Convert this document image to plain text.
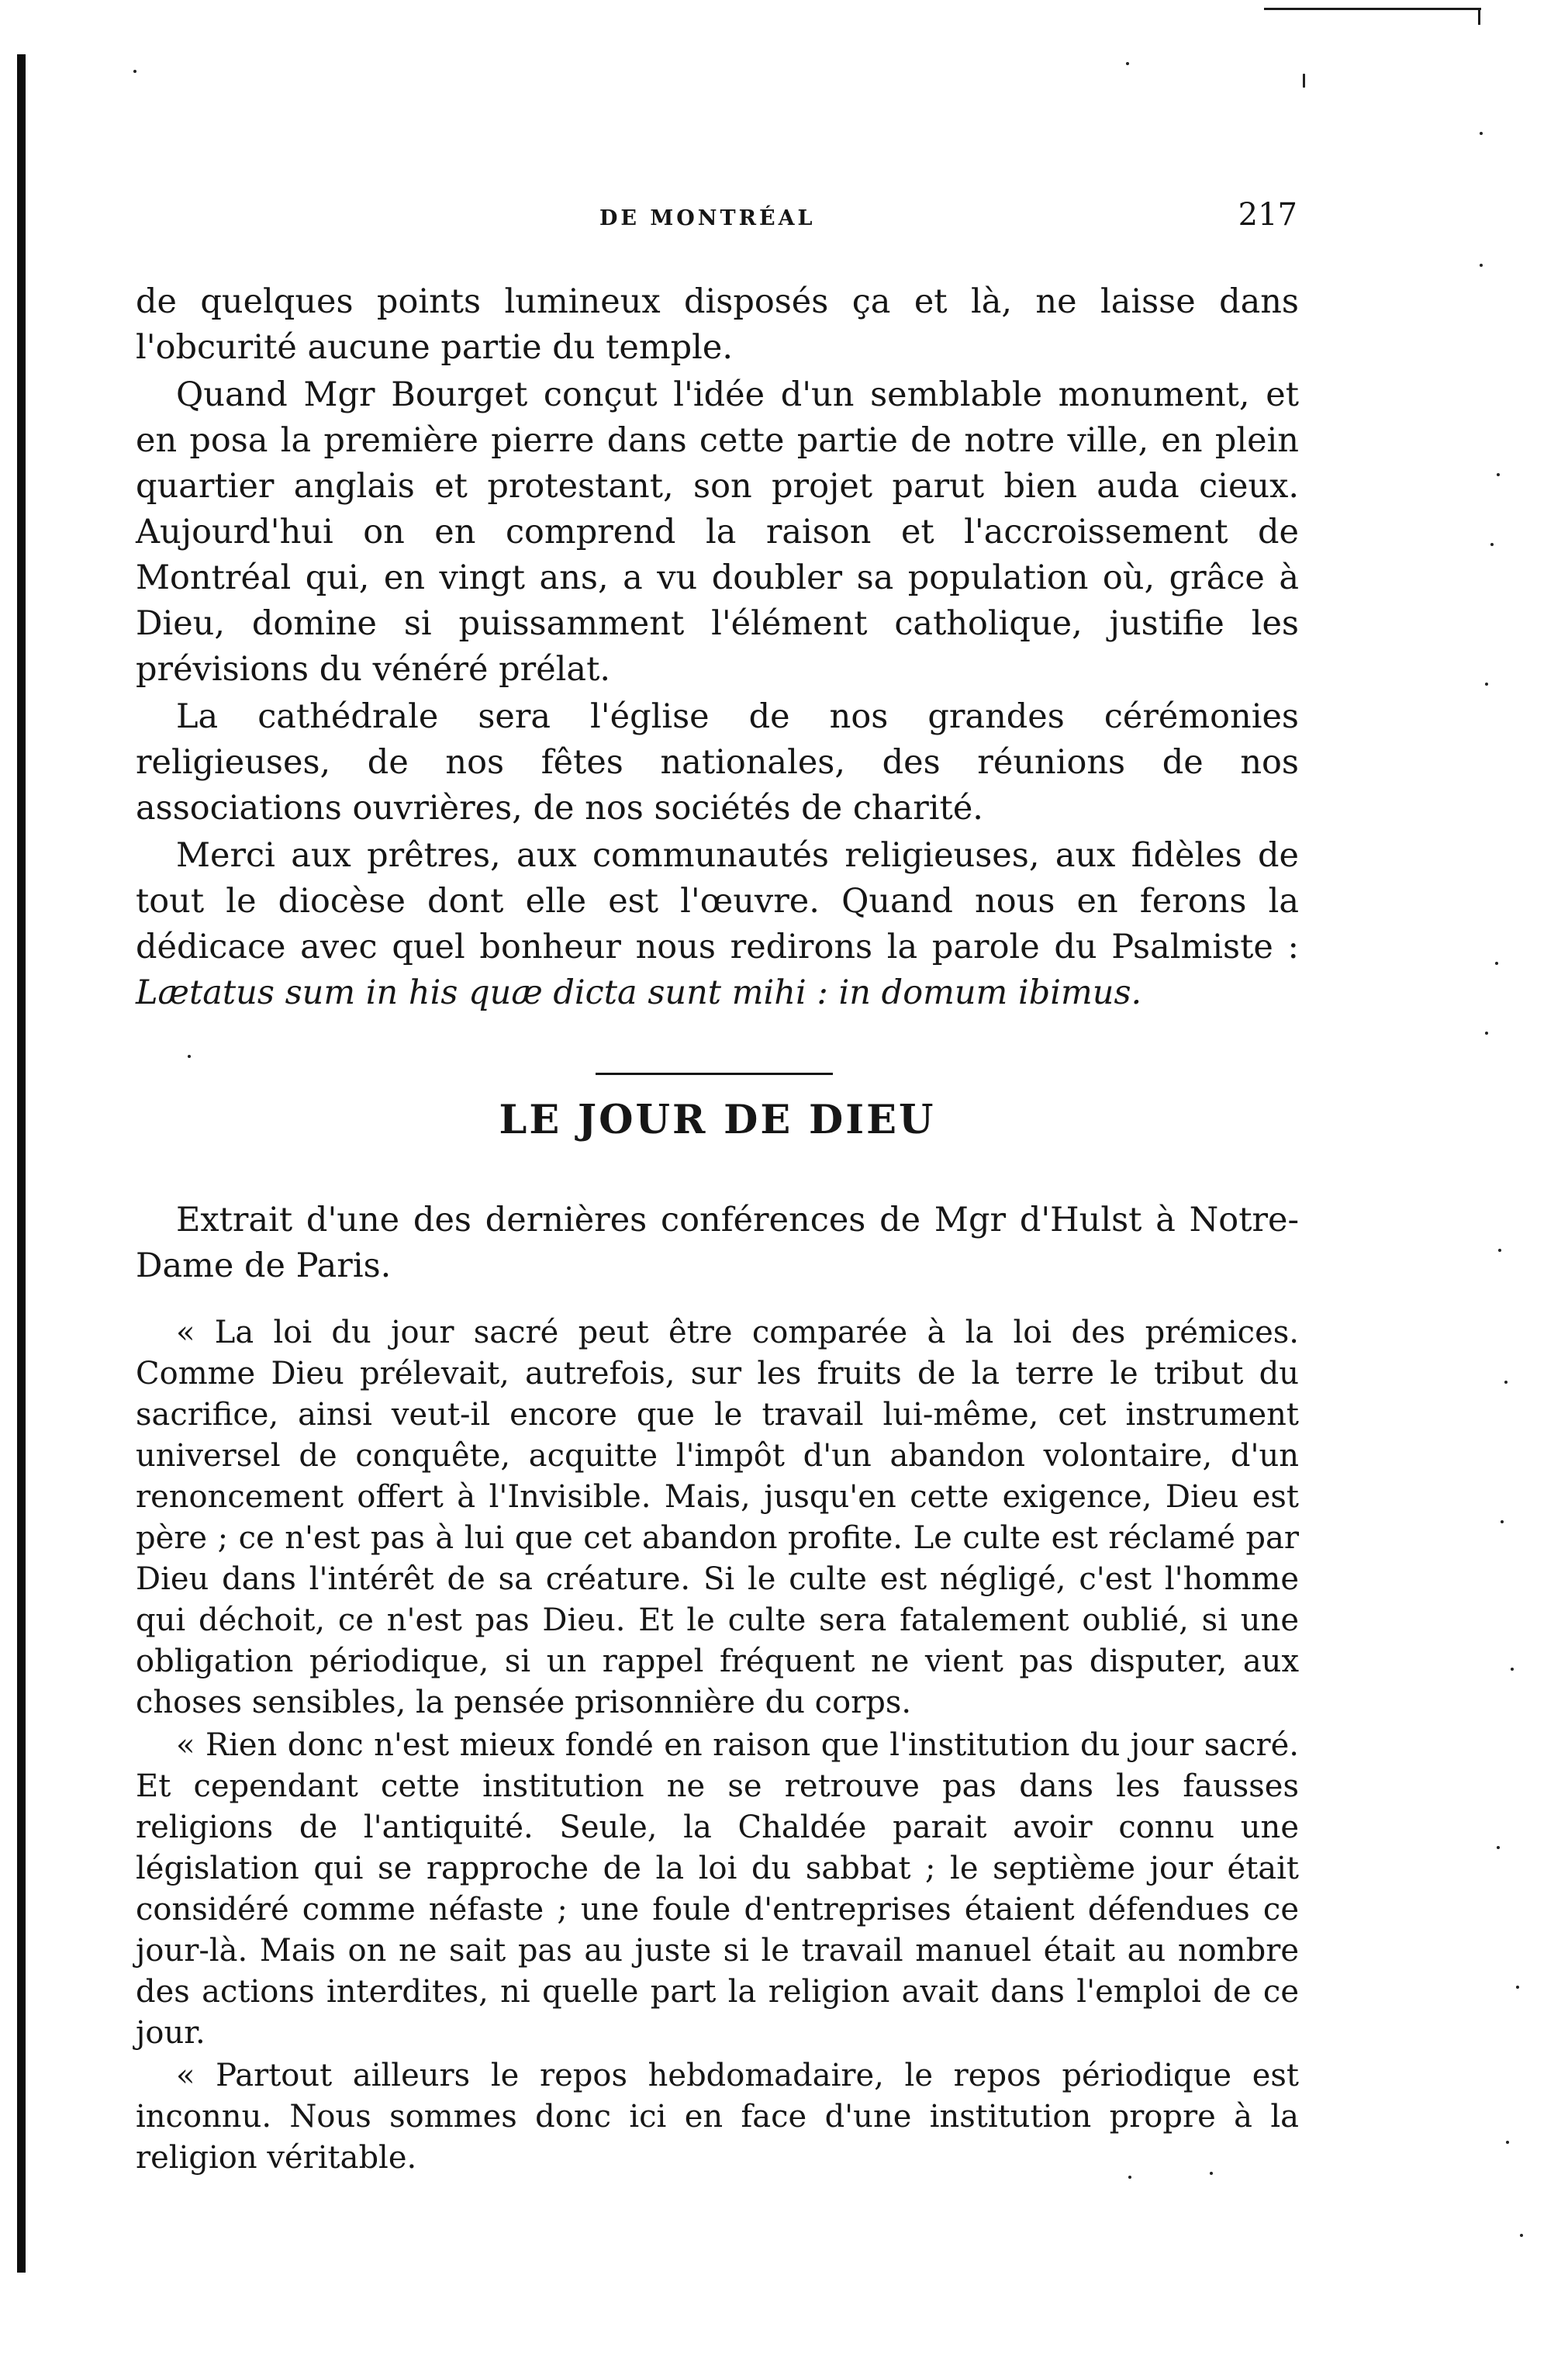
DE MONTRÉAL	217

de quelques points lumineux disposés ça et là, ne laisse dans l'obcurité aucune partie du temple.

Quand Mgr Bourget conçut l'idée d'un semblable monument, et en posa la première pierre dans cette partie de notre ville, en plein quartier anglais et protestant, son projet parut bien auda cieux. Aujourd'hui on en comprend la raison et l'accroissement de Montréal qui, en vingt ans, a vu doubler sa population où, grâce à Dieu, domine si puissamment l'élément catholique, justifie les prévisions du vénéré prélat.

La cathédrale sera l'église de nos grandes cérémonies religieuses, de nos fêtes nationales, des réunions de nos associations ouvrières, de nos sociétés de charité.

Merci aux prêtres, aux communautés religieuses, aux fidèles de tout le diocèse dont elle est l'œuvre. Quand nous en ferons la dédicace avec quel bonheur nous redirons la parole du Psalmiste : Lætatus sum in his quæ dicta sunt mihi : in domum ibimus.

LE JOUR DE DIEU

Extrait d'une des dernières conférences de Mgr d'Hulst à Notre-Dame de Paris.

« La loi du jour sacré peut être comparée à la loi des prémices. Comme Dieu prélevait, autrefois, sur les fruits de la terre le tribut du sacrifice, ainsi veut-il encore que le travail lui-même, cet instrument universel de conquête, acquitte l'impôt d'un abandon volontaire, d'un renoncement offert à l'Invisible. Mais, jusqu'en cette exigence, Dieu est père ; ce n'est pas à lui que cet abandon profite. Le culte est réclamé par Dieu dans l'intérêt de sa créature. Si le culte est négligé, c'est l'homme qui déchoit, ce n'est pas Dieu. Et le culte sera fatalement oublié, si une obligation périodique, si un rappel fréquent ne vient pas disputer, aux choses sensibles, la pensée prisonnière du corps.

« Rien donc n'est mieux fondé en raison que l'institution du jour sacré. Et cependant cette institution ne se retrouve pas dans les fausses religions de l'antiquité. Seule, la Chaldée parait avoir connu une législation qui se rapproche de la loi du sabbat ; le septième jour était considéré comme néfaste ; une foule d'entreprises étaient défendues ce jour-là. Mais on ne sait pas au juste si le travail manuel était au nombre des actions interdites, ni quelle part la religion avait dans l'emploi de ce jour.

« Partout ailleurs le repos hebdomadaire, le repos périodique est inconnu. Nous sommes donc ici en face d'une institution propre à la religion véritable.
